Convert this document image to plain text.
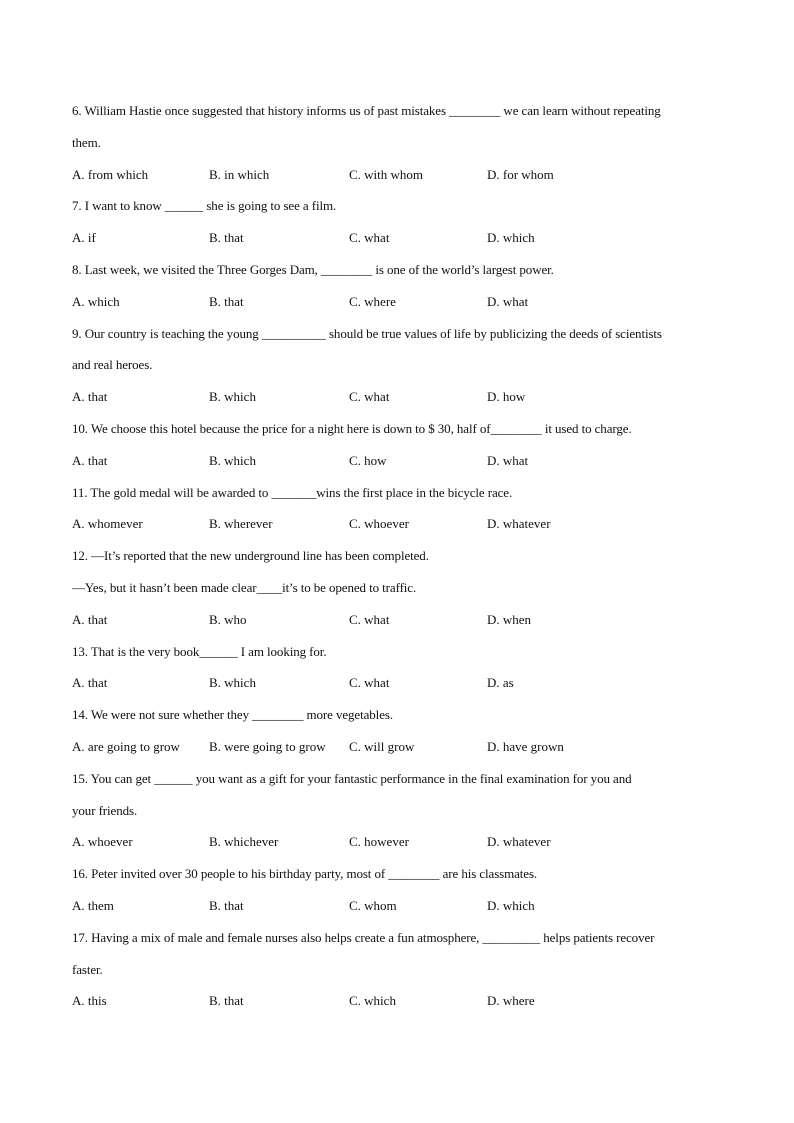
6. William Hastie once suggested that history informs us of past mistakes ________ we can learn without repeating
them.
A. from which	B. in which	C. with whom	D. for whom
7. I want to know ______ she is going to see a film.
A. if	B. that	C. what	D. which
8. Last week, we visited the Three Gorges Dam, ________ is one of the world’s largest power.
A. which	B. that	C. where	D. what
9. Our country is teaching the young __________ should be true values of life by publicizing the deeds of scientists
and real heroes.
A. that	B. which	C. what	D. how
10. We choose this hotel because the price for a night here is down to $ 30, half of________ it used to charge.
A. that	B. which	C. how	D. what
11. The gold medal will be awarded to _______wins the first place in the bicycle race.
A. whomever	B. wherever	C. whoever	D. whatever
12. —It’s reported that the new underground line has been completed.
—Yes, but it hasn’t been made clear____it’s to be opened to traffic.
A. that	B. who	C. what	D. when
13. That is the very book______ I am looking for.
A. that	B. which	C. what	D. as
14. We were not sure whether they ________ more vegetables.
A. are going to grow B. were going to grow C. will grow	D. have grown
15. You can get ______ you want as a gift for your fantastic performance in the final examination for you and
your friends.
A. whoever	B. whichever	C. however	D. whatever
16. Peter invited over 30 people to his birthday party, most of ________ are his classmates.
A. them	B. that	C. whom	D. which
17. Having a mix of male and female nurses also helps create a fun atmosphere, _________ helps patients recover
faster.
A. this	B. that	C. which	D. where
